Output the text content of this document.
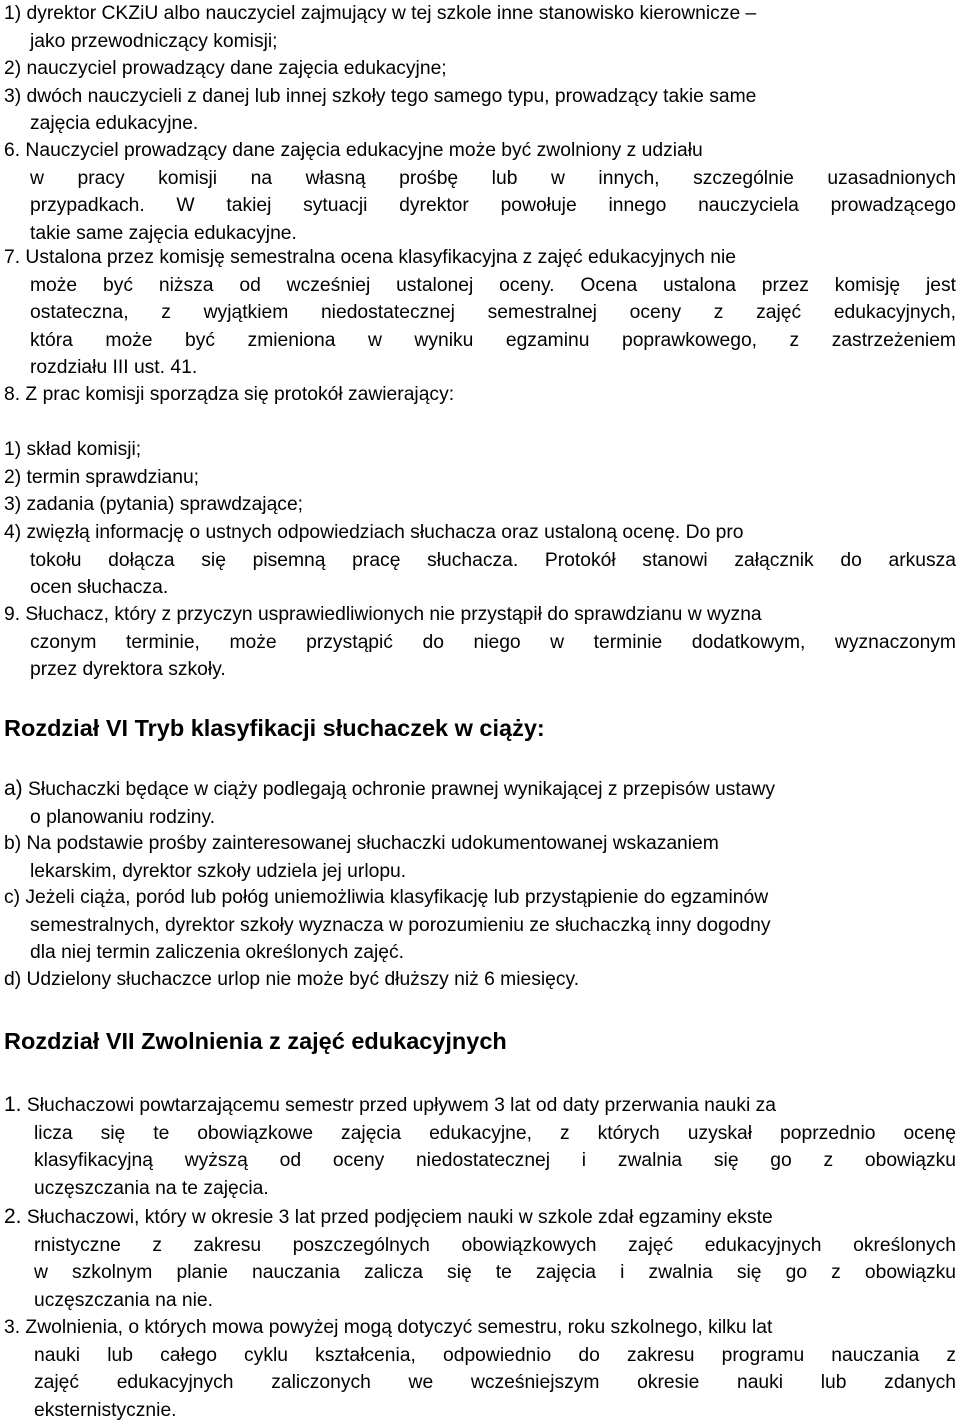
1) dyrektor CKZiU albo nauczyciel zajmujący w tej szkole inne stanowisko kierownicze –
jako przewodniczący komisji;
2) nauczyciel prowadzący dane zajęcia edukacyjne;
3) dwóch nauczycieli z danej lub innej szkoły tego samego typu, prowadzący takie same
zajęcia edukacyjne.
6. Nauczyciel prowadzący dane zajęcia edukacyjne może być zwolniony z udziału
w pracy komisji na własną prośbę lub w innych, szczególnie uzasadnionych
przypadkach. W takiej sytuacji dyrektor powołuje innego nauczyciela prowadzącego
takie same zajęcia edukacyjne.
7. Ustalona przez komisję semestralna ocena klasyfikacyjna z zajęć edukacyjnych nie
może być niższa od wcześniej ustalonej oceny. Ocena ustalona przez komisję jest
ostateczna, z wyjątkiem niedostatecznej semestralnej oceny z zajęć edukacyjnych,
która może być zmieniona w wyniku egzaminu poprawkowego, z zastrzeżeniem
rozdziału III ust. 41.
8. Z prac komisji sporządza się protokół zawierający:
1) skład komisji;
2) termin sprawdzianu;
3) zadania (pytania) sprawdzające;
4) zwięzłą informację o ustnych odpowiedziach słuchacza oraz ustaloną ocenę. Do pro
tokołu dołącza się pisemną pracę słuchacza. Protokół stanowi załącznik do arkusza
ocen słuchacza.
9. Słuchacz, który z przyczyn usprawiedliwionych nie przystąpił do sprawdzianu w wyzna
czonym terminie, może przystąpić do niego w terminie dodatkowym, wyznaczonym
przez dyrektora szkoły.
Rozdział VI Tryb klasyfikacji słuchaczek w ciąży:
a) Słuchaczki będące w ciąży podlegają ochronie prawnej wynikającej z przepisów ustawy
o planowaniu rodziny.
b) Na podstawie prośby zainteresowanej słuchaczki udokumentowanej wskazaniem
lekarskim, dyrektor szkoły udziela jej urlopu.
c) Jeżeli ciąża, poród lub połóg uniemożliwia klasyfikację lub przystąpienie do egzaminów
semestralnych, dyrektor szkoły wyznacza w porozumieniu ze słuchaczką inny dogodny
dla niej termin zaliczenia określonych zajęć.
d) Udzielony słuchaczce urlop nie może być dłuższy niż 6 miesięcy.
Rozdział VII Zwolnienia z zajęć edukacyjnych
1. Słuchaczowi powtarzającemu semestr przed upływem 3 lat od daty przerwania nauki za
licza się te obowiązkowe zajęcia edukacyjne, z których uzyskał poprzednio ocenę
klasyfikacyjną wyższą od oceny niedostatecznej i zwalnia się go z obowiązku
uczęszczania na te zajęcia.
2. Słuchaczowi, który w okresie 3 lat przed podjęciem nauki w szkole zdał egzaminy ekste
rnistyczne z zakresu poszczególnych obowiązkowych zajęć edukacyjnych określonych
w szkolnym planie nauczania zalicza się te zajęcia i zwalnia się go z obowiązku
uczęszczania na nie.
3. Zwolnienia, o których mowa powyżej mogą dotyczyć semestru, roku szkolnego, kilku lat
nauki lub całego cyklu kształcenia, odpowiednio do zakresu programu nauczania z
zajęć edukacyjnych zaliczonych we wcześniejszym okresie nauki lub zdanych
eksternistycznie.
